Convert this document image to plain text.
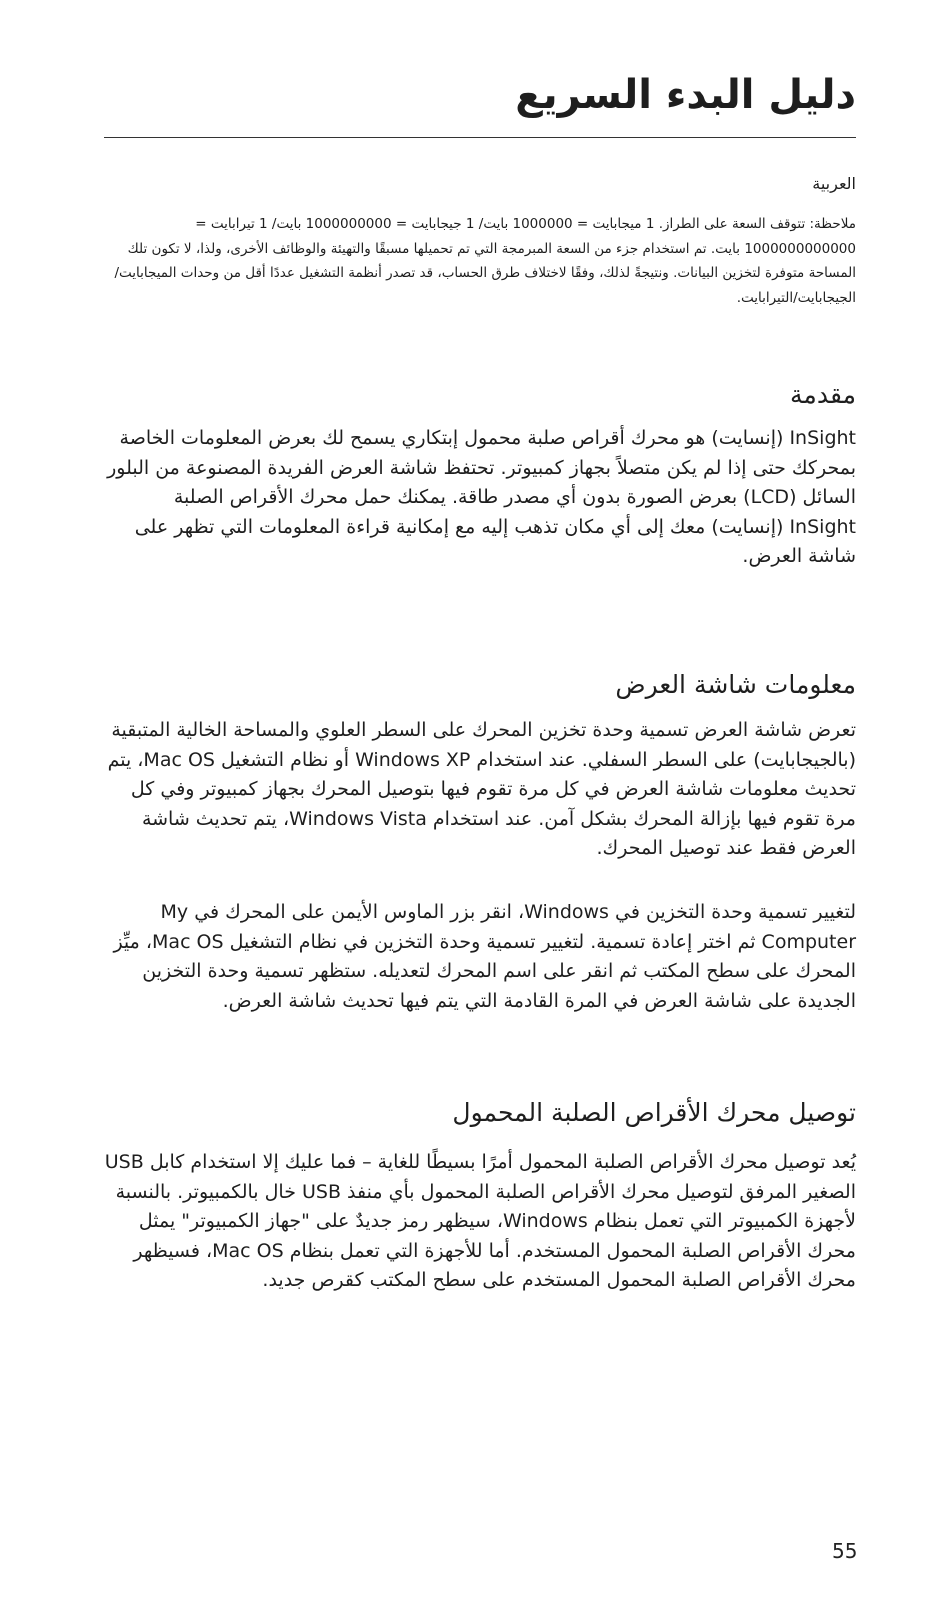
دليل البدء السريع

العربية

ملاحظة: تتوقف السعة على الطراز. 1 ميجابايت = 1000000 بايت/ 1 جيجابايت = 1000000000 بايت/ 1 تيرابايت = 1000000000000 بايت. تم استخدام جزء من السعة المبرمجة التي تم تحميلها مسبقًا والتهيئة والوظائف الأخرى، ولذا، لا تكون تلك المساحة متوفرة لتخزين البيانات. ونتيجةً لذلك، وفقًا لاختلاف طرق الحساب، قد تصدر أنظمة التشغيل عددًا أقل من وحدات الميجابايت/الجيجابايت/التيرابايت.

مقدمة

InSight (إنسايت) هو محرك أقراص صلبة محمول إبتكاري يسمح لك بعرض المعلومات الخاصة بمحركك حتى إذا لم يكن متصلاً بجهاز كمبيوتر. تحتفظ شاشة العرض الفريدة المصنوعة من البلور السائل (LCD) بعرض الصورة بدون أي مصدر طاقة. يمكنك حمل محرك الأقراص الصلبة InSight (إنسايت) معك إلى أي مكان تذهب إليه مع إمكانية قراءة المعلومات التي تظهر على شاشة العرض.

معلومات شاشة العرض

تعرض شاشة العرض تسمية وحدة تخزين المحرك على السطر العلوي والمساحة الخالية المتبقية (بالجيجابايت) على السطر السفلي. عند استخدام Windows XP أو نظام التشغيل Mac OS، يتم تحديث معلومات شاشة العرض في كل مرة تقوم فيها بتوصيل المحرك بجهاز كمبيوتر وفي كل مرة تقوم فيها بإزالة المحرك بشكل آمن. عند استخدام Windows Vista، يتم تحديث شاشة العرض فقط عند توصيل المحرك.

لتغيير تسمية وحدة التخزين في Windows، انقر بزر الماوس الأيمن على المحرك في My Computer ثم اختر إعادة تسمية. لتغيير تسمية وحدة التخزين في نظام التشغيل Mac OS، ميِّز المحرك على سطح المكتب ثم انقر على اسم المحرك لتعديله. ستظهر تسمية وحدة التخزين الجديدة على شاشة العرض في المرة القادمة التي يتم فيها تحديث شاشة العرض.

توصيل محرك الأقراص الصلبة المحمول

يُعد توصيل محرك الأقراص الصلبة المحمول أمرًا بسيطًا للغاية – فما عليك إلا استخدام كابل USB الصغير المرفق لتوصيل محرك الأقراص الصلبة المحمول بأي منفذ USB خال بالكمبيوتر. بالنسبة لأجهزة الكمبيوتر التي تعمل بنظام Windows، سيظهر رمز جديدٌ على "جهاز الكمبيوتر" يمثل محرك الأقراص الصلبة المحمول المستخدم. أما للأجهزة التي تعمل بنظام Mac OS، فسيظهر محرك الأقراص الصلبة المحمول المستخدم على سطح المكتب كقرص جديد.

55
